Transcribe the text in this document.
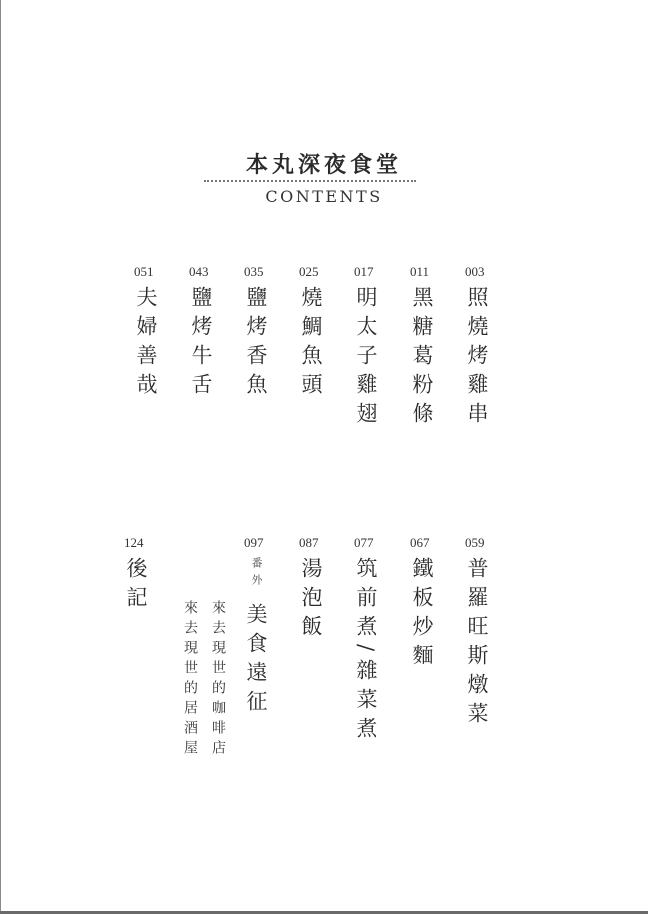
本丸深夜食堂
CONTENTS
003
照燒烤雞串
011
黑糖葛粉條
017
明太子雞翅
025
燒鯛魚頭
035
鹽烤香魚
043
鹽烤牛舌
051
夫婦善哉
059
普羅旺斯燉菜
067
鐵板炒麵
077
筑前煮/雜菜煮
087
湯泡飯
097
番外
美食遠征
來去現世的咖啡店
來去現世的居酒屋
124
後記
